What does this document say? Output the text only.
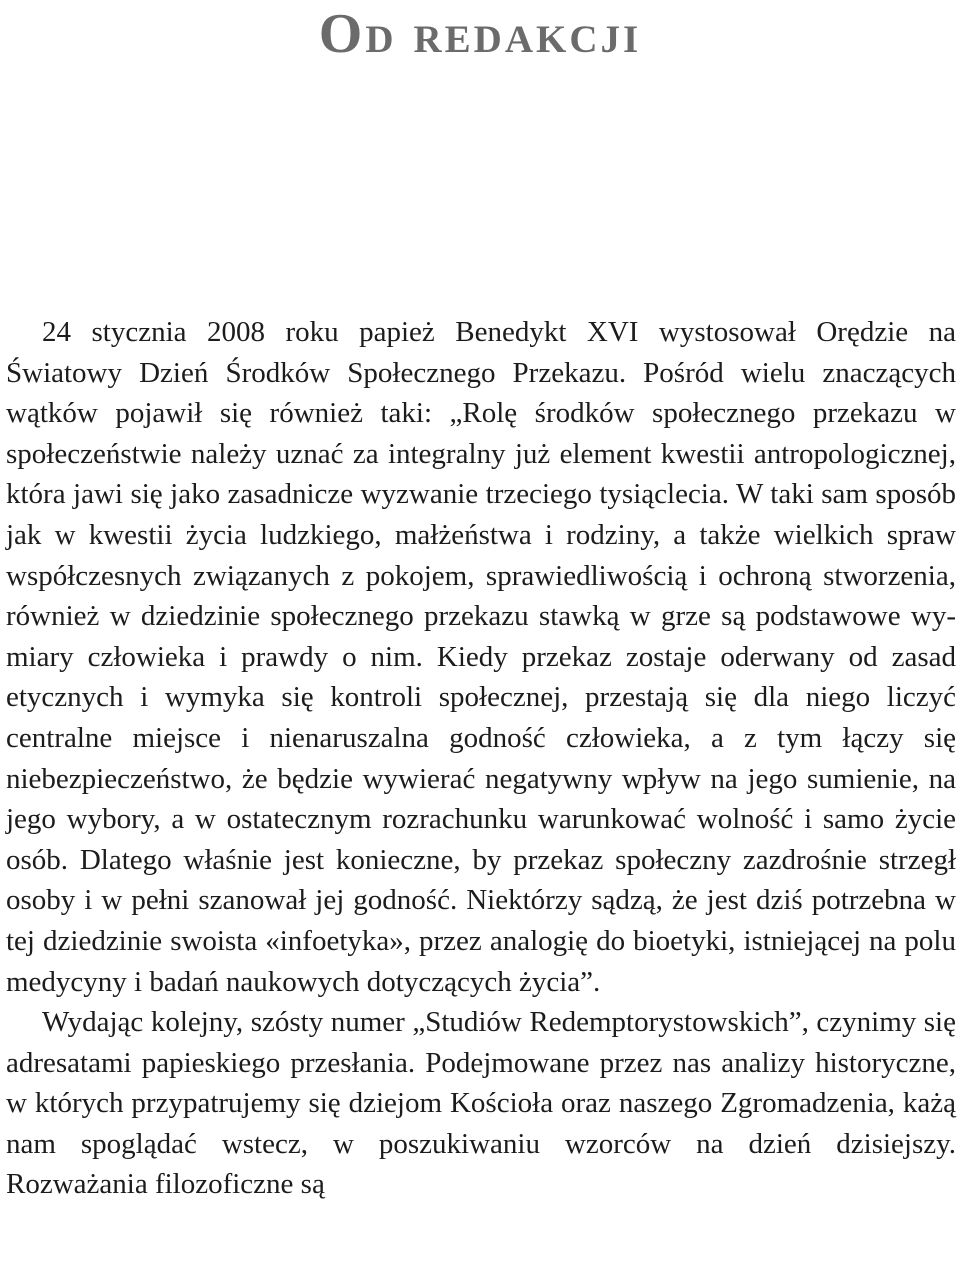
Od redakcji

24 stycznia 2008 roku papież Benedykt XVI wystosował Orędzie na Światowy Dzień Środków Społecznego Przekazu. Pośród wielu znaczących wątków pojawił się również taki: „Rolę środków społecznego przekazu w społeczeństwie należy uznać za integralny już element kwestii antropologicznej, która jawi się jako zasadnicze wyzwanie trzeciego tysiąclecia. W taki sam sposób jak w kwestii życia ludzkiego, małżeństwa i rodziny, a także wielkich spraw współczesnych związanych z pokojem, sprawiedliwością i ochroną stworzenia, również w dziedzinie społecznego przekazu stawką w grze są podstawowe wymiary człowieka i prawdy o nim. Kiedy przekaz zostaje oderwany od zasad etycznych i wymyka się kontroli społecznej, przestają się dla niego liczyć centralne miejsce i nienaruszalna godność człowieka, a z tym łączy się niebezpieczeństwo, że będzie wywierać negatywny wpływ na jego sumienie, na jego wybory, a w ostatecznym rozrachunku warunkować wolność i samo życie osób. Dlatego właśnie jest konieczne, by przekaz społeczny zazdrośnie strzegł osoby i w pełni szanował jej godność. Niektórzy sądzą, że jest dziś potrzebna w tej dziedzinie swoista «infoetyka», przez analogię do bioetyki, istniejącej na polu medycyny i badań naukowych dotyczących życia”.

Wydając kolejny, szósty numer „Studiów Redemptorystowskich”, czynimy się adresatami papieskiego przesłania. Podejmowane przez nas analizy historyczne, w których przypatrujemy się dziejom Kościoła oraz naszego Zgromadzenia, każą nam spoglądać wstecz, w poszukiwaniu wzorców na dzień dzisiejszy. Rozważania filozoficzne są
